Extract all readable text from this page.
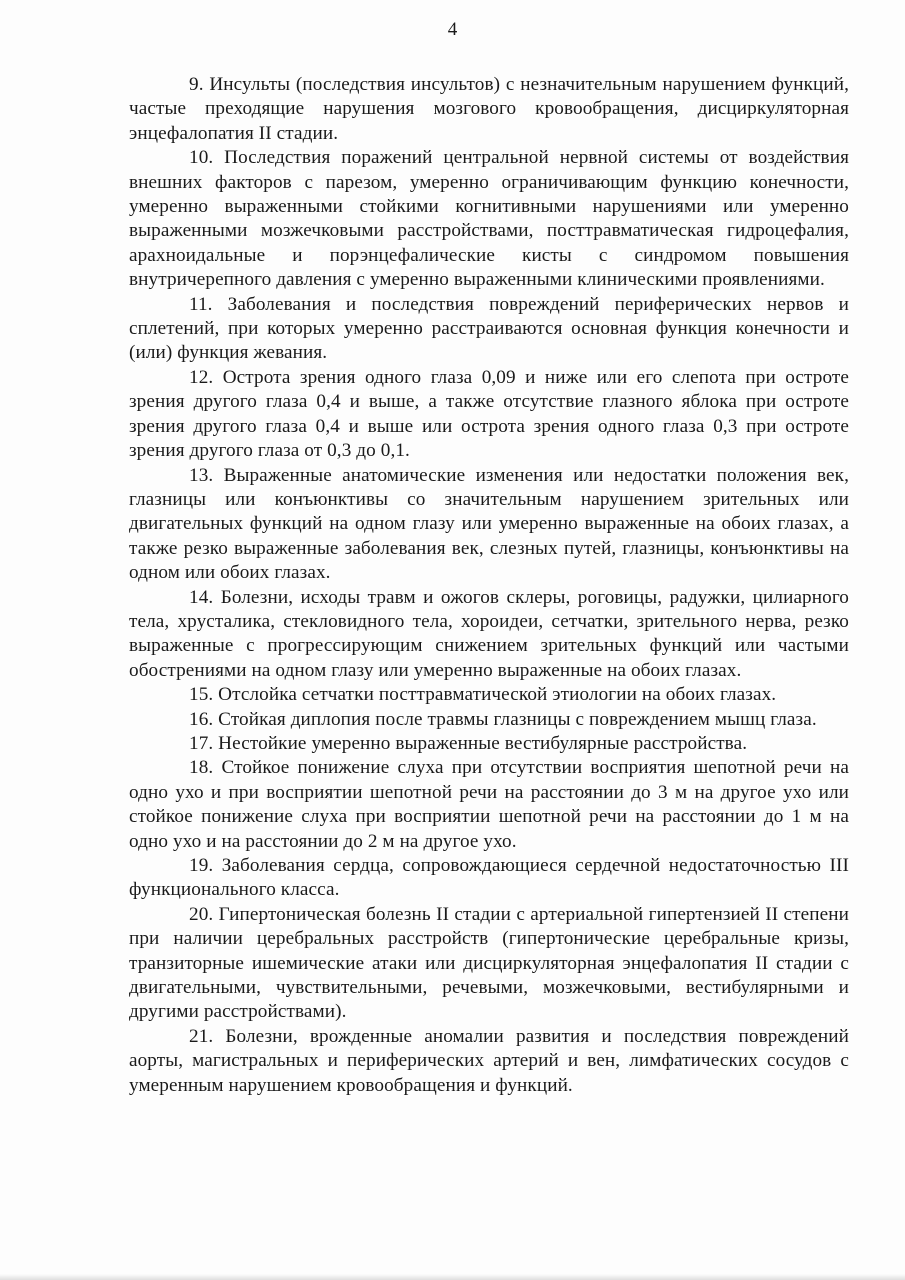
4

9. Инсульты (последствия инсультов) с незначительным нарушением функций, частые преходящие нарушения мозгового кровообращения, дисциркуляторная энцефалопатия II стадии.

10. Последствия поражений центральной нервной системы от воздействия внешних факторов с парезом, умеренно ограничивающим функцию конечности, умеренно выраженными стойкими когнитивными нарушениями или умеренно выраженными мозжечковыми расстройствами, посттравматическая гидроцефалия, арахноидальные и порэнцефалические кисты с синдромом повышения внутричерепного давления с умеренно выраженными клиническими проявлениями.

11. Заболевания и последствия повреждений периферических нервов и сплетений, при которых умеренно расстраиваются основная функция конечности и (или) функция жевания.

12. Острота зрения одного глаза 0,09 и ниже или его слепота при остроте зрения другого глаза 0,4 и выше, а также отсутствие глазного яблока при остроте зрения другого глаза 0,4 и выше или острота зрения одного глаза 0,3 при остроте зрения другого глаза от 0,3 до 0,1.

13. Выраженные анатомические изменения или недостатки положения век, глазницы или конъюнктивы со значительным нарушением зрительных или двигательных функций на одном глазу или умеренно выраженные на обоих глазах, а также резко выраженные заболевания век, слезных путей, глазницы, конъюнктивы на одном или обоих глазах.

14. Болезни, исходы травм и ожогов склеры, роговицы, радужки, цилиарного тела, хрусталика, стекловидного тела, хороидеи, сетчатки, зрительного нерва, резко выраженные с прогрессирующим снижением зрительных функций или частыми обострениями на одном глазу или умеренно выраженные на обоих глазах.

15. Отслойка сетчатки посттравматической этиологии на обоих глазах.

16. Стойкая диплопия после травмы глазницы с повреждением мышц глаза.

17. Нестойкие умеренно выраженные вестибулярные расстройства.

18. Стойкое понижение слуха при отсутствии восприятия шепотной речи на одно ухо и при восприятии шепотной речи на расстоянии до 3 м на другое ухо или стойкое понижение слуха при восприятии шепотной речи на расстоянии до 1 м на одно ухо и на расстоянии до 2 м на другое ухо.

19. Заболевания сердца, сопровождающиеся сердечной недостаточностью III функционального класса.

20. Гипертоническая болезнь II стадии с артериальной гипертензией II степени при наличии церебральных расстройств (гипертонические церебральные кризы, транзиторные ишемические атаки или дисциркуляторная энцефалопатия II стадии с двигательными, чувствительными, речевыми, мозжечковыми, вестибулярными и другими расстройствами).

21. Болезни, врожденные аномалии развития и последствия повреждений аорты, магистральных и периферических артерий и вен, лимфатических сосудов с умеренным нарушением кровообращения и функций.
